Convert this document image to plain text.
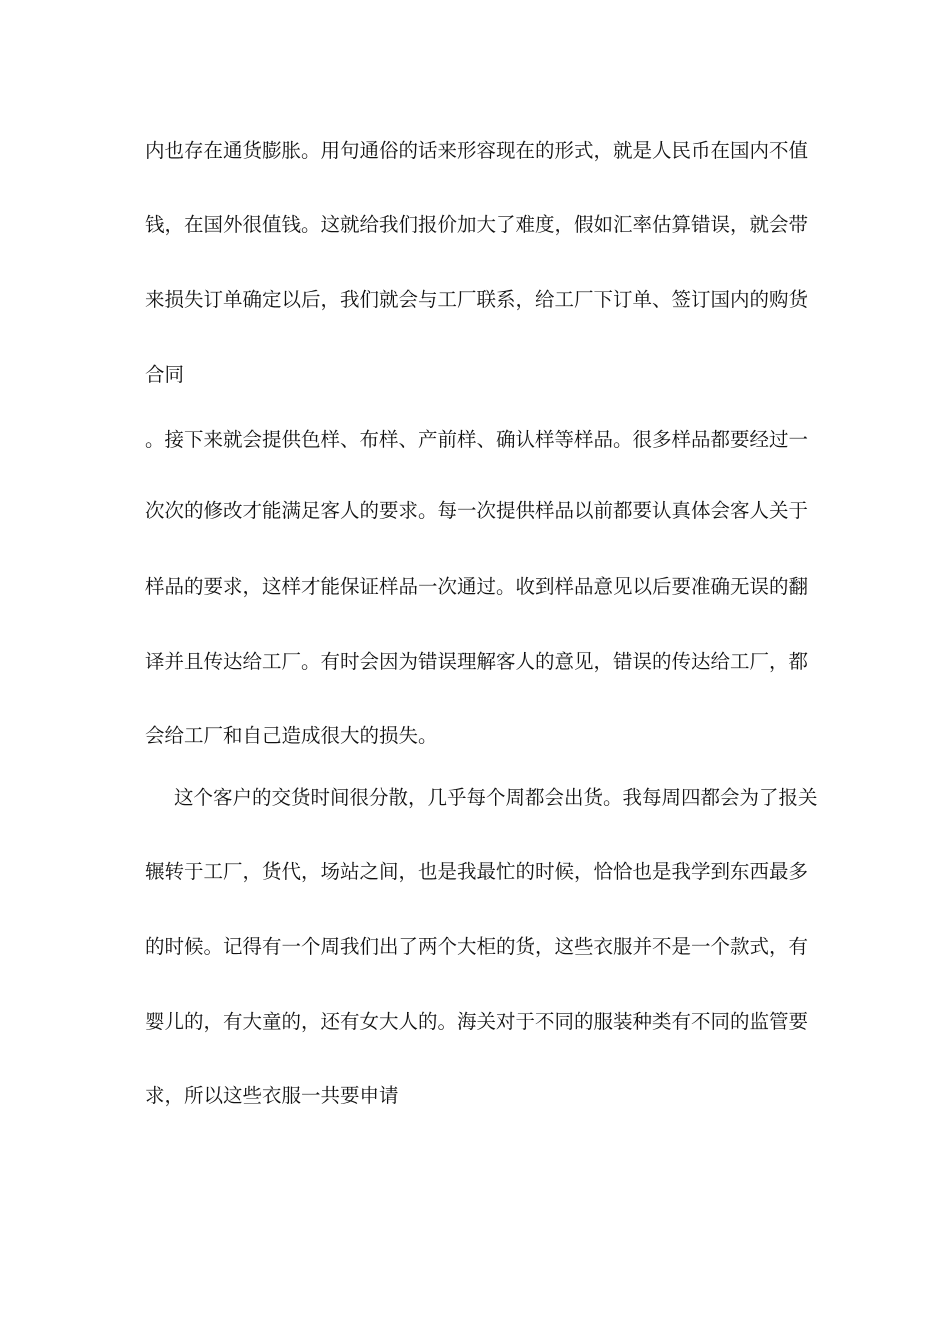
内也存在通货膨胀。用句通俗的话来形容现在的形式，就是人民币在国内不值
钱，在国外很值钱。这就给我们报价加大了难度，假如汇率估算错误，就会带
来损失订单确定以后，我们就会与工厂联系，给工厂下订单、签订国内的购货
合同
。接下来就会提供色样、布样、产前样、确认样等样品。很多样品都要经过一
次次的修改才能满足客人的要求。每一次提供样品以前都要认真体会客人关于
样品的要求，这样才能保证样品一次通过。收到样品意见以后要准确无误的翻
译并且传达给工厂。有时会因为错误理解客人的意见，错误的传达给工厂，都
会给工厂和自己造成很大的损失。
这个客户的交货时间很分散，几乎每个周都会出货。我每周四都会为了报关
辗转于工厂，货代，场站之间，也是我最忙的时候，恰恰也是我学到东西最多
的时候。记得有一个周我们出了两个大柜的货，这些衣服并不是一个款式，有
婴儿的，有大童的，还有女大人的。海关对于不同的服装种类有不同的监管要
求，所以这些衣服一共要申请
